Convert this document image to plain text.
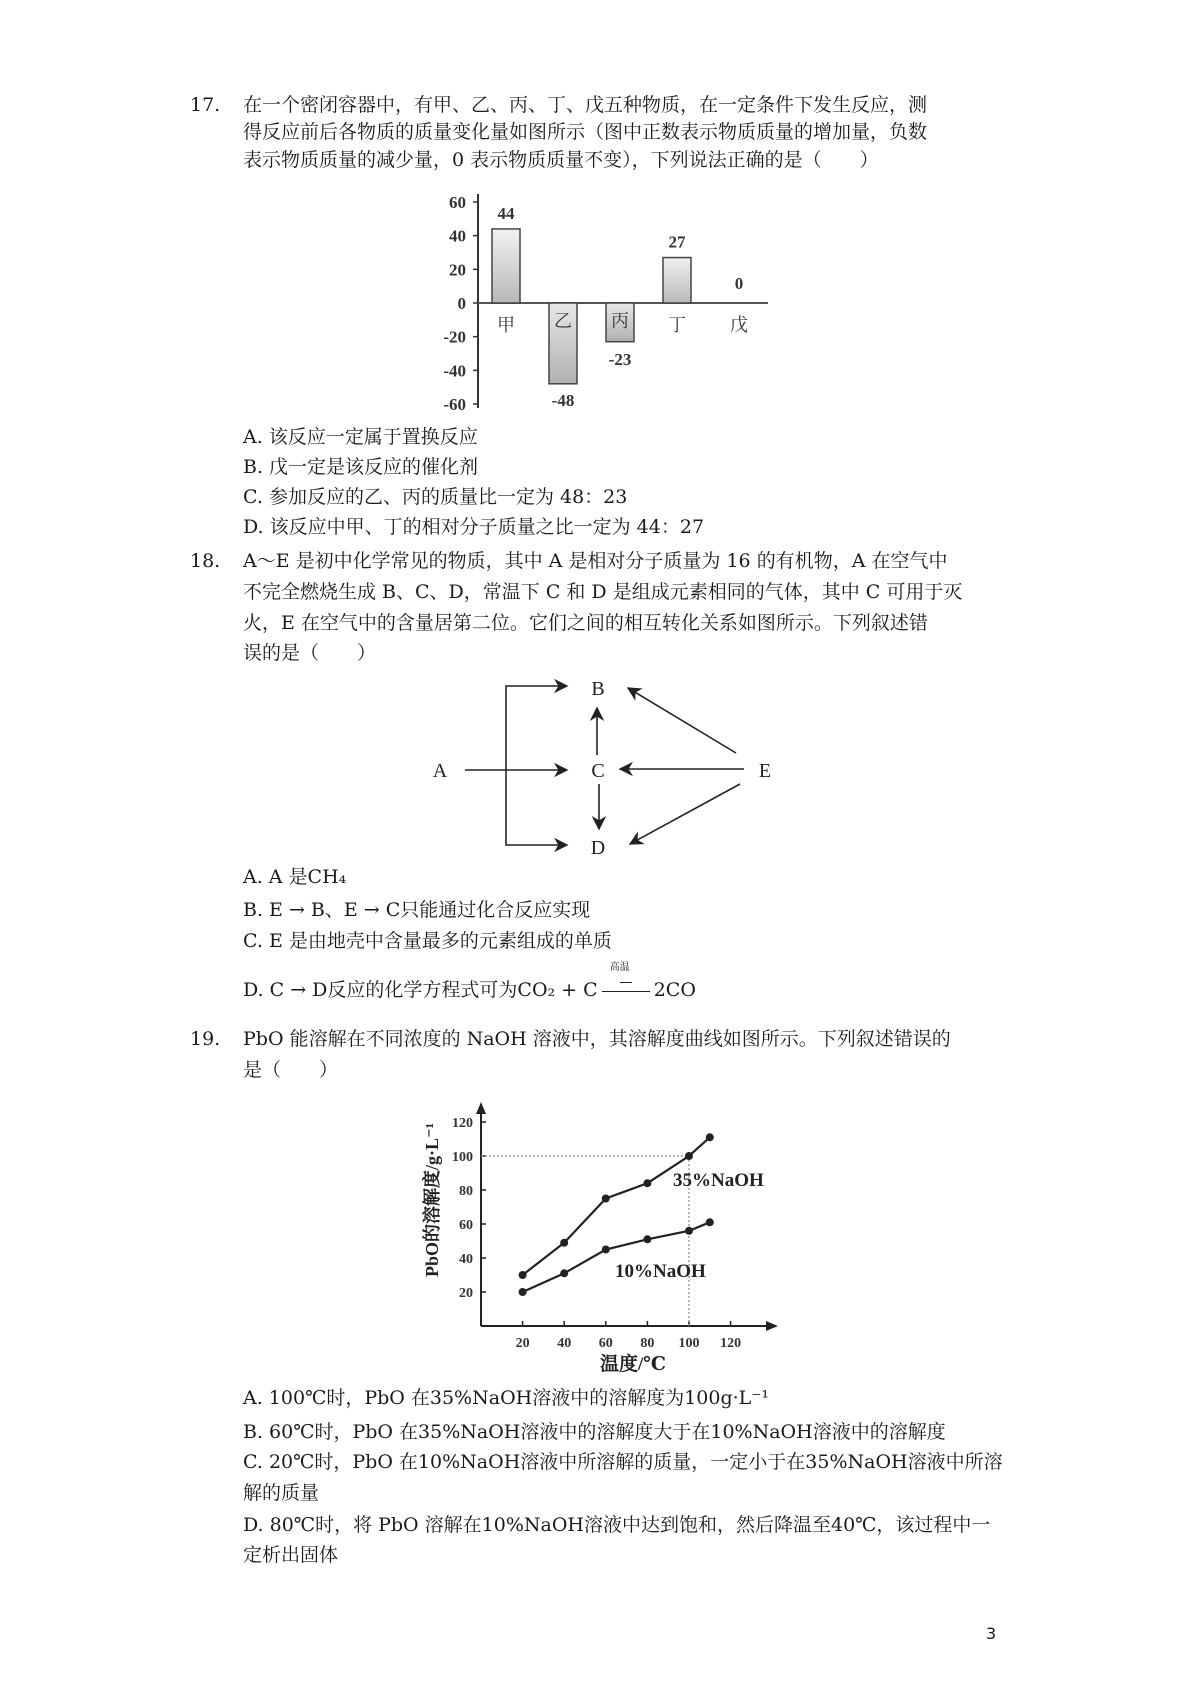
17. 在一个密闭容器中，有甲、乙、丙、丁、戊五种物质，在一定条件下发生反应，测
得反应前后各物质的质量变化量如图所示（图中正数表示物质质量的增加量，负数
表示物质质量的减少量，0 表示物质质量不变），下列说法正确的是（　　）
60
40
20
0
-20
-40
-60
甲
44
乙
-48
丙
-23
丁
27
戊
0
A. 该反应一定属于置换反应
B. 戊一定是该反应的催化剂
C. 参加反应的乙、丙的质量比一定为 48：23
D. 该反应中甲、丁的相对分子质量之比一定为 44：27
18. A～E 是初中化学常见的物质，其中 A 是相对分子质量为 16 的有机物，A 在空气中
不完全燃烧生成 B、C、D，常温下 C 和 D 是组成元素相同的气体，其中 C 可用于灭
火，E 在空气中的含量居第二位。它们之间的相互转化关系如图所示。下列叙述错
误的是（　　）
A
B
C
D
E
A. A 是CH₄
B. E → B、E → C只能通过化合反应实现
C. E 是由地壳中含量最多的元素组成的单质
D. C → D反应的化学方程式可为CO₂ + C
高温
2CO
19. PbO 能溶解在不同浓度的 NaOH 溶液中，其溶解度曲线如图所示。下列叙述错误的
是（　　）
20
40
60
80
100
120
20 40 60 80 100 120
温度/℃
PbO的溶解度/g·L⁻¹	35%NaOH
10%NaOH
A. 100℃时，PbO 在35%NaOH溶液中的溶解度为100g·L⁻¹
B. 60℃时，PbO 在35%NaOH溶液中的溶解度大于在10%NaOH溶液中的溶解度
C. 20℃时，PbO 在10%NaOH溶液中所溶解的质量，一定小于在35%NaOH溶液中所溶
解的质量
D. 80℃时，将 PbO 溶解在10%NaOH溶液中达到饱和，然后降温至40℃，该过程中一
定析出固体
3
